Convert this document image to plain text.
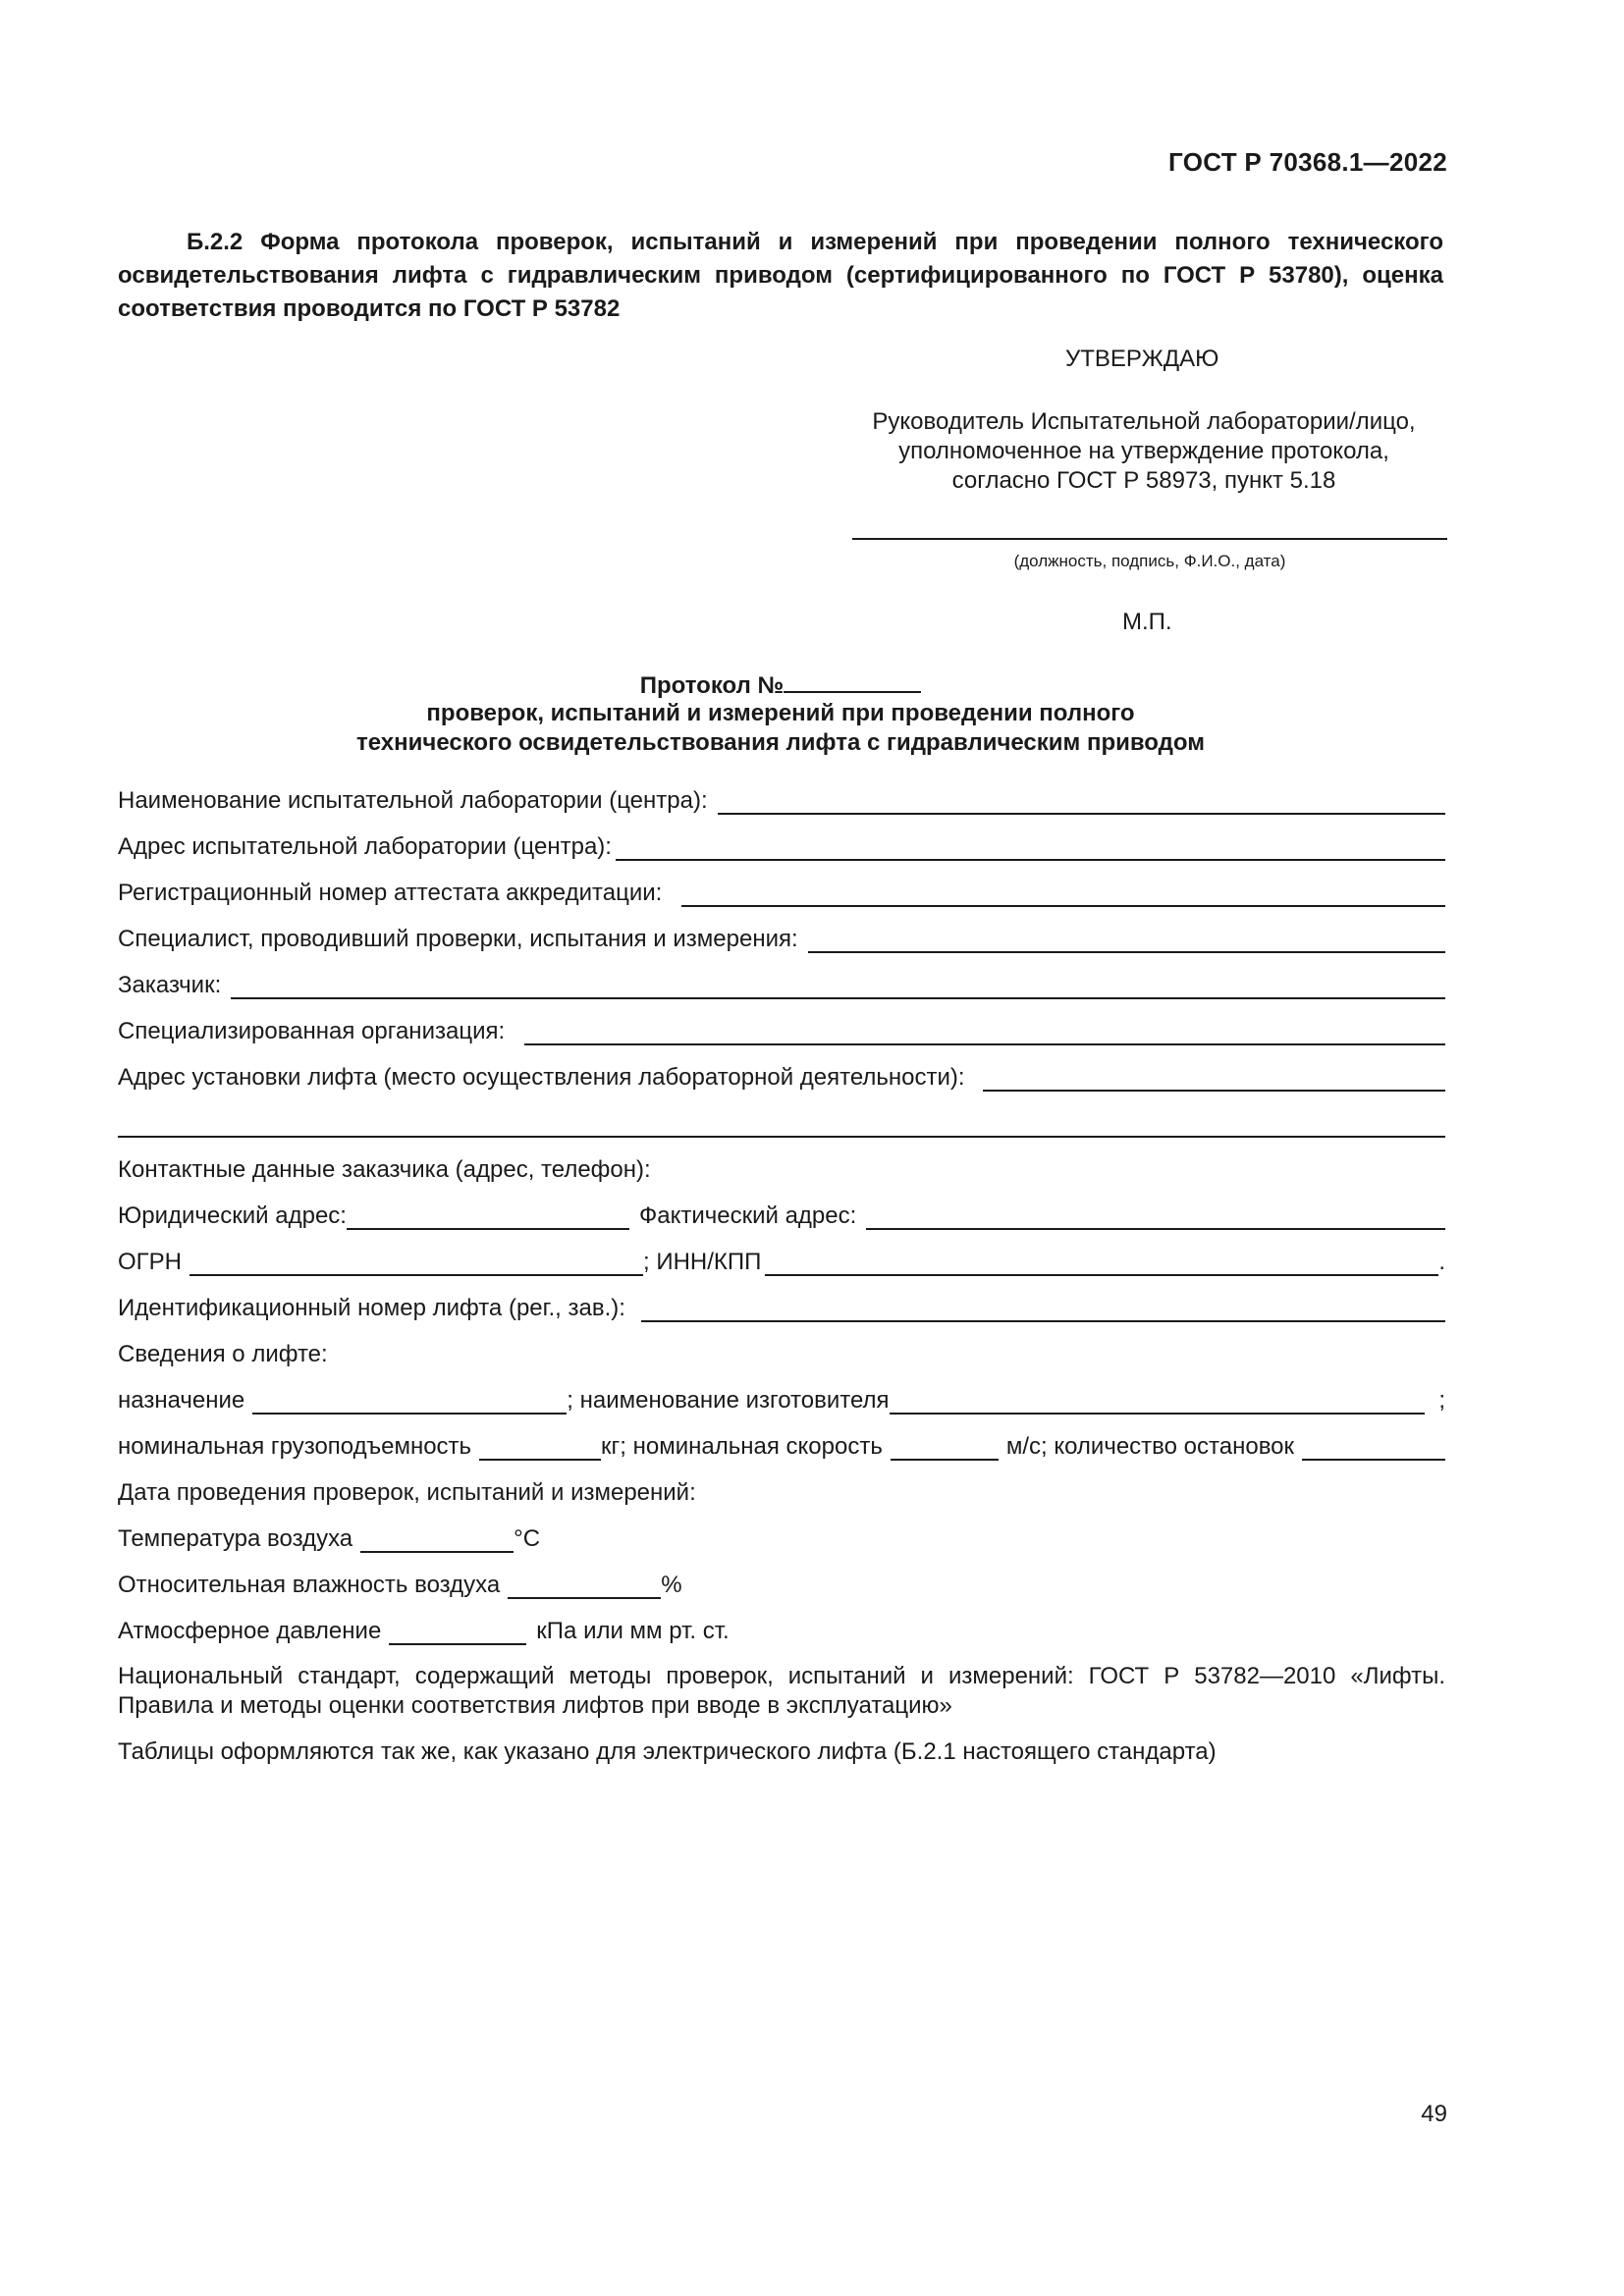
ГОСТ Р 70368.1—2022
Б.2.2 Форма протокола проверок, испытаний и измерений при проведении полного технического освидетельствования лифта с гидравлическим приводом (сертифицированного по ГОСТ Р 53780), оценка соответствия проводится по ГОСТ Р 53782
УТВЕРЖДАЮ
Руководитель Испытательной лаборатории/лицо,
уполномоченное на утверждение протокола,
согласно ГОСТ Р 58973, пункт 5.18
(должность, подпись, Ф.И.О., дата)
М.П.
Протокол №
проверок, испытаний и измерений при проведении полного
технического освидетельствования лифта с гидравлическим приводом
Наименование испытательной лаборатории (центра):
Адрес испытательной лаборатории (центра):
Регистрационный номер аттестата аккредитации:
Специалист, проводивший проверки, испытания и измерения:
Заказчик:
Специализированная организация:
Адрес установки лифта (место осуществления лабораторной деятельности):
Контактные данные заказчика (адрес, телефон):
Юридический адрес:	Фактический адрес:
ОГРН	; ИНН/КПП	.
Идентификационный номер лифта (рег., зав.):
Сведения о лифте:
назначение	; наименование изготовителя	;
номинальная грузоподъемность	кг; номинальная скорость	м/с; количество остановок
Дата проведения проверок, испытаний и измерений:
Температура воздуха	°С
Относительная влажность воздуха	%
Атмосферное давление	кПа или мм рт. ст.
Национальный стандарт, содержащий методы проверок, испытаний и измерений: ГОСТ Р 53782—2010 «Лифты. Правила и методы оценки соответствия лифтов при вводе в эксплуатацию»
Таблицы оформляются так же, как указано для электрического лифта (Б.2.1 настоящего стандарта)
49
